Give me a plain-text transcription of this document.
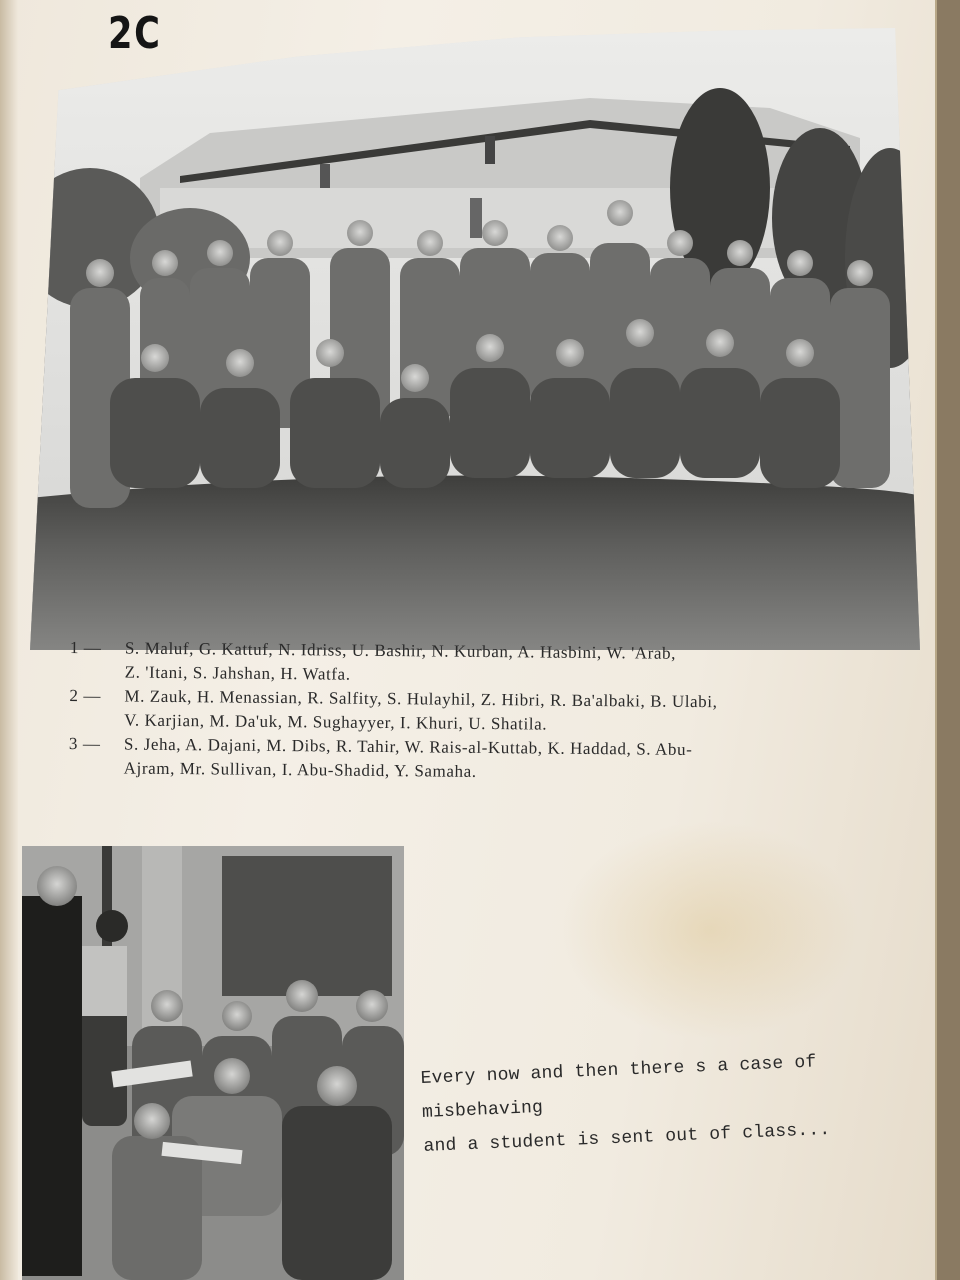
2C
1 —	S. Maluf, G. Kattuf, N. Idriss, U. Bashir, N. Kurban, A. Hasbini, W. 'Arab,
Z. 'Itani, S. Jahshan, H. Watfa.
2 —	M. Zauk, H. Menassian, R. Salfity, S. Hulayhil, Z. Hibri, R. Ba'albaki, B. Ulabi,
V. Karjian, M. Da'uk, M. Sughayyer, I. Khuri, U. Shatila.
3 —	S. Jeha, A. Dajani, M. Dibs, R. Tahir, W. Rais-al-Kuttab, K. Haddad, S. Abu-
Ajram, Mr. Sullivan, I. Abu-Shadid, Y. Samaha.
Every now and then there s a case of misbehaving
and a student is sent out of class...
